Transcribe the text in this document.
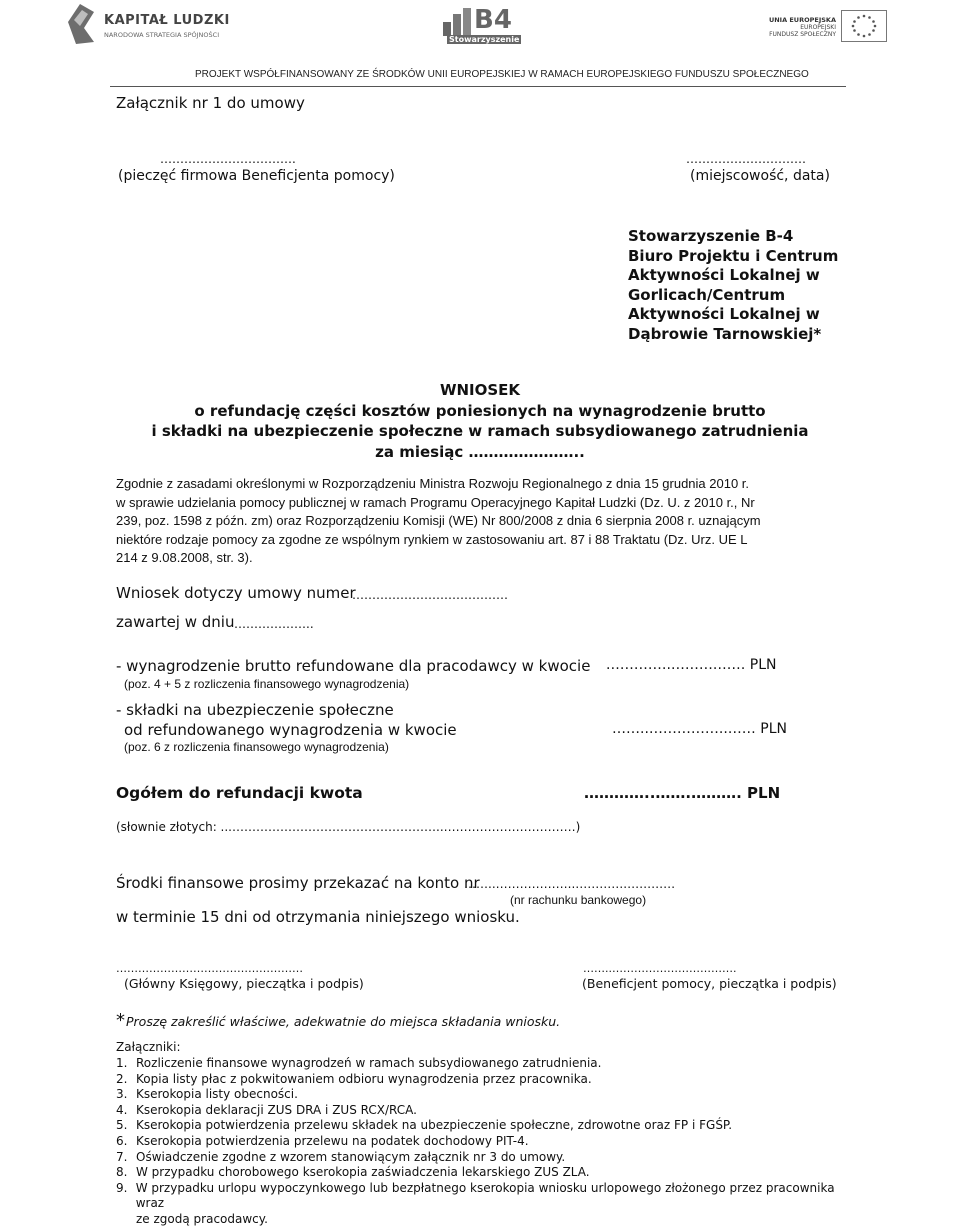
KAPITAŁ LUDZKI
NARODOWA STRATEGIA SPÓJNOŚCI	B4
Stowarzyszenie
UNIA EUROPEJSKA
EUROPEJSKI
FUNDUSZ SPOŁECZNY
PROJEKT WSPÓŁFINANSOWANY ZE ŚRODKÓW UNII EUROPEJSKIEJ W RAMACH EUROPEJSKIEGO FUNDUSZU SPOŁECZNEGO
Załącznik nr 1 do umowy
…………………………….
(pieczęć firmowa Beneficjenta pomocy)
…………………………
(miejscowość, data)
Stowarzyszenie B-4
Biuro Projektu i Centrum
Aktywności Lokalnej w
Gorlicach/Centrum
Aktywności Lokalnej w
Dąbrowie Tarnowskiej*
WNIOSEK
o refundację części kosztów poniesionych na wynagrodzenie brutto
i składki na ubezpieczenie społeczne w ramach subsydiowanego zatrudnienia
za miesiąc …………………..
Zgodnie z zasadami określonymi w Rozporządzeniu Ministra Rozwoju Regionalnego z dnia 15 grudnia 2010 r.
w sprawie udzielania pomocy publicznej w ramach Programu Operacyjnego Kapitał Ludzki (Dz. U. z 2010 r., Nr
239, poz. 1598 z późn. zm) oraz Rozporządzeniu Komisji (WE) Nr 800/2008 z dnia 6 sierpnia 2008 r. uznającym
niektóre rodzaje pomocy za zgodne ze wspólnym rynkiem w zastosowaniu art. 87 i 88 Traktatu (Dz. Urz. UE L
214 z 9.08.2008, str. 3).
Wniosek dotyczy umowy numer
…………………………………
zawartej w dniu ………………..
- wynagrodzenie brutto refundowane dla pracodawcy w kwocie .………….……….…… PLN
(poz. 4 + 5 z rozliczenia finansowego wynagrodzenia)
- składki na ubezpieczenie społeczne
od refundowanego wynagrodzenia w kwocie	……..……………..…… PLN
(poz. 6 z rozliczenia finansowego wynagrodzenia)
Ogółem do refundacji kwota	…………..…….………. PLN
(słownie złotych: ...……………………………………………..……………………………)
Środki finansowe prosimy przekazać na konto nr
……..………………..………….…………
(nr rachunku bankowego)
w terminie 15 dni od otrzymania niniejszego wniosku.
……………………………………………
(Główny Księgowy, pieczątka i podpis)
……..…………………………….
(Beneficjent pomocy, pieczątka i podpis)
* Proszę zakreślić właściwe, adekwatnie do miejsca składania wniosku.
Załączniki:
1. Rozliczenie finansowe wynagrodzeń w ramach subsydiowanego zatrudnienia.
2. Kopia listy płac z pokwitowaniem odbioru wynagrodzenia przez pracownika.
3. Kserokopia listy obecności.
4. Kserokopia deklaracji ZUS DRA i ZUS RCX/RCA.
5. Kserokopia potwierdzenia przelewu składek na ubezpieczenie społeczne, zdrowotne oraz FP i FGŚP.
6. Kserokopia potwierdzenia przelewu na podatek dochodowy PIT-4.
7. Oświadczenie zgodne z wzorem stanowiącym załącznik nr 3 do umowy.
8. W przypadku chorobowego kserokopia zaświadczenia lekarskiego ZUS ZLA.
9. W przypadku urlopu wypoczynkowego lub bezpłatnego kserokopia wniosku urlopowego złożonego przez pracownika wraz
ze zgodą pracodawcy.
